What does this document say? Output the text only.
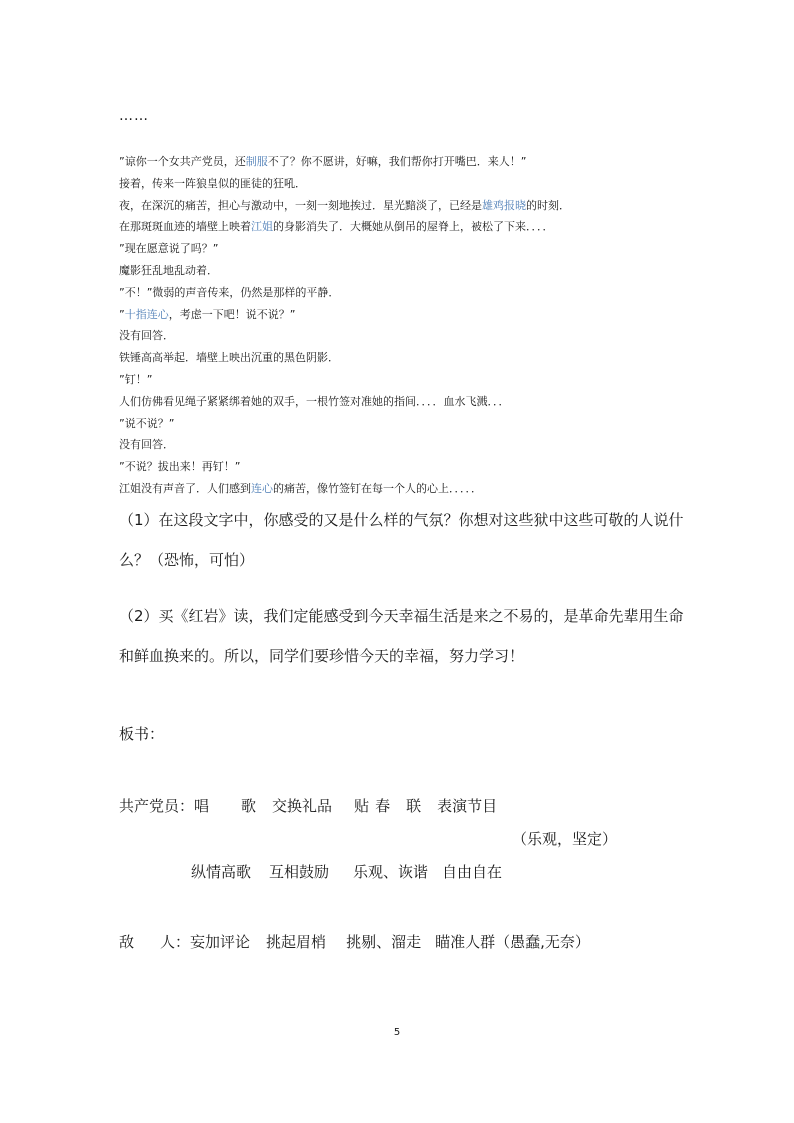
……
”谅你一个女共产党员，还制服不了？你不愿讲，好嘛，我们帮你打开嘴巴．来人！”
接着，传来一阵狼皇似的匪徒的狂吼．
夜，在深沉的痛苦，担心与激动中，一刻一刻地挨过．星光黯淡了，已经是雄鸡报晓的时刻．
在那斑斑血迹的墙壁上映着江姐的身影消失了．大概她从倒吊的屋脊上，被松了下来．．．．
”现在愿意说了吗？”
魔影狂乱地乱动着．
”不！”微弱的声音传来，仍然是那样的平静．
”十指连心，考虑一下吧！说不说？”
没有回答．
铁锤高高举起．墙壁上映出沉重的黑色阴影．
”钉！”
人们仿佛看见绳子紧紧绑着她的双手，一根竹签对准她的指间．．．．血水飞溅．．．
”说不说？”
没有回答．
”不说？拔出来！再钉！”
江姐没有声音了．人们感到连心的痛苦，像竹签钉在每一个人的心上．．．．．
（1）在这段文字中，你感受的又是什么样的气氛？你想对这些狱中这些可敬的人说什么？（恐怖，可怕）
（2）买《红岩》读，我们定能感受到今天幸福生活是来之不易的，是革命先辈用生命和鲜血换来的。所以，同学们要珍惜今天的幸福，努力学习！
板书：
共产党员：唱 歌 交换礼品 贴 春 联 表演节目
（乐观，坚定）
纵情高歌 互相鼓励 乐观、诙谐 自由自在
敌 人：妄加评论 挑起眉梢 挑剔、溜走 瞄准人群（愚蠢,无奈）
5
